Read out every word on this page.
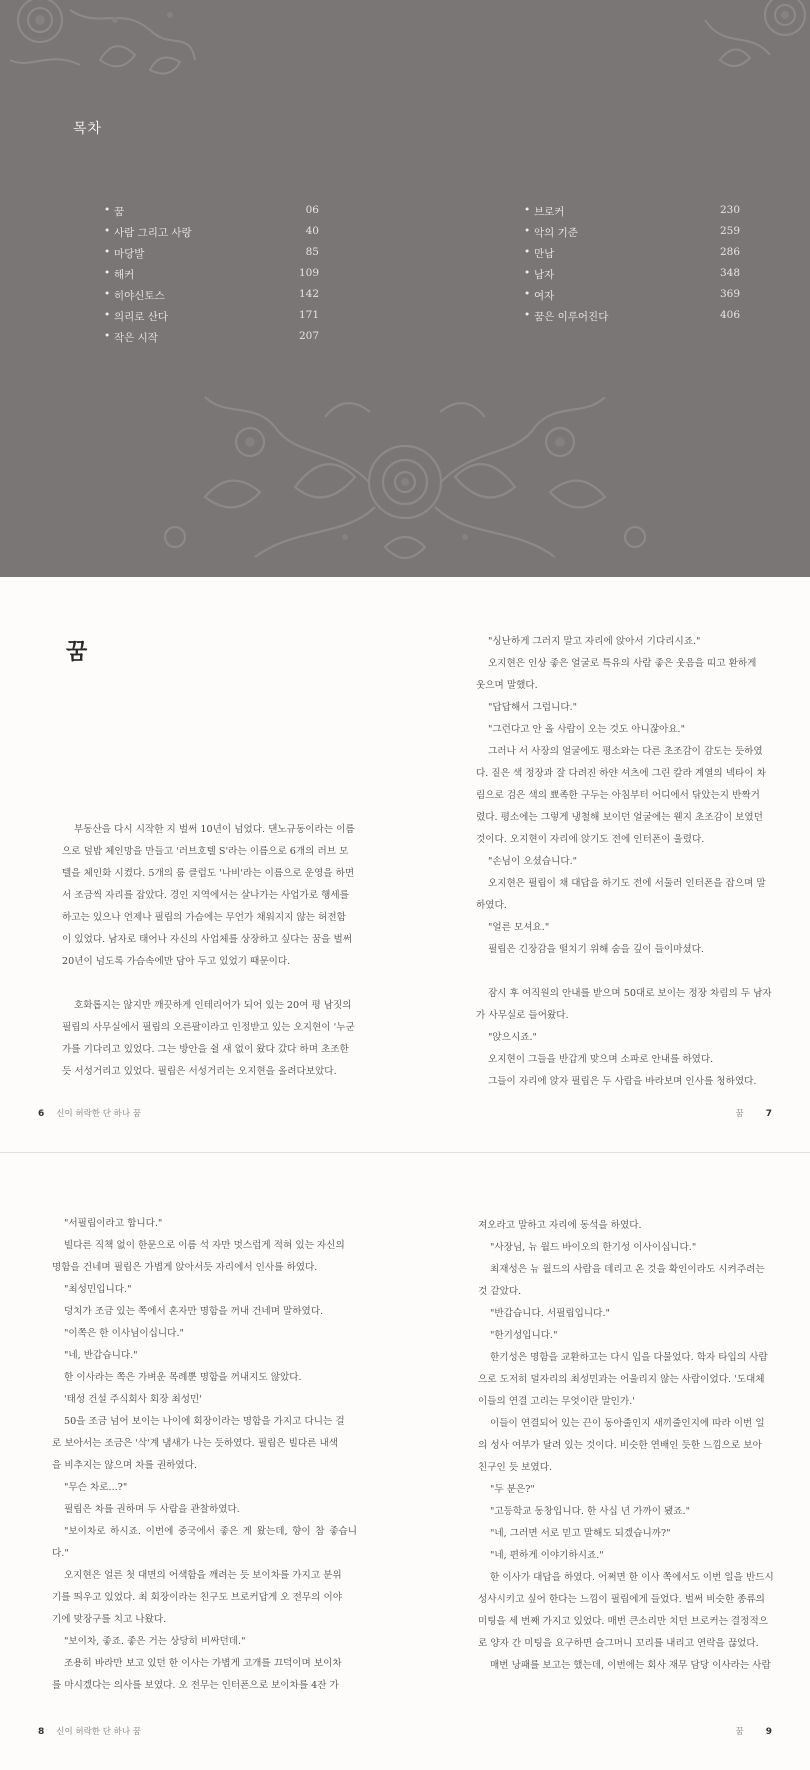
목차
• 꿈	06
• 사람 그리고 사랑	40
• 마당발	85
• 해커	109
• 히야신토스	142
• 의리로 산다	171
• 작은 시작	207
• 브로커	230
• 악의 기준	259
• 만남	286
• 남자	348
• 여자	369
• 꿈은 이루어진다	406
꿈

부동산을 다시 시작한 지 벌써 10년이 넘었다. 댄노규동이라는 이름
으로 덮밥 체인망을 만들고 '러브호텔 S'라는 이름으로 6개의 러브 모
텔을 체인화 시켰다. 5개의 룸 클럽도 '나비'라는 이름으로 운영을 하면
서 조금씩 자리를 잡았다. 경인 지역에서는 살나가는 사업가로 행세를
하고는 있으나 언제나 필립의 가슴에는 무언가 채워지지 않는 허전함
이 있었다. 남자로 태어나 자신의 사업체를 상장하고 싶다는 꿈을 벌써
20년이 넘도록 가슴속에만 담아 두고 있었기 때문이다.

호화롭지는 않지만 깨끗하게 인테리어가 되어 있는 20여 평 남짓의
필립의 사무실에서 필립의 오른팔이라고 인정받고 있는 오지현이 '누군
가를 기다리고 있었다. 그는 방안을 쉴 새 없이 왔다 갔다 하며 초조한
듯 서성거리고 있었다. 필립은 서성거리는 오지현을 올려다보았다.

"싱난하게 그러지 말고 자리에 앉아서 기다리시죠."

오지현은 인상 좋은 얼굴로 특유의 사람 좋은 웃음을 띠고 환하게
웃으며 말했다.

"답답해서 그럽니다."

"그런다고 안 올 사람이 오는 것도 아니잖아요."

그러나 서 사장의 얼굴에도 평소와는 다른 초조감이 감도는 듯하였
다. 짙은 색 정장과 잘 다려진 하얀 셔츠에 그린 칼라 계열의 넥타이 차
림으로 검은 색의 뾰족한 구두는 아침부터 어디에서 닦았는지 반짝거
렸다. 평소에는 그렇게 냉철해 보이던 얼굴에는 웬지 초조감이 보였던
것이다. 오지현이 자리에 앉기도 전에 인터폰이 울렸다.

"손님이 오셨습니다."

오지현은 필립이 채 대답을 하기도 전에 서둘러 인터폰을 잡으며 말
하였다.

"얼른 모셔요."

필립은 긴장감을 떨치기 위해 숨을 깊이 들이마셨다.

잠시 후 여직원의 안내를 받으며 50대로 보이는 정장 차림의 두 남자
가 사무실로 들어왔다.

"앉으시죠."

오지현이 그들을 반갑게 맞으며 소파로 안내를 하였다.

그들이 자리에 앉자 필립은 두 사람을 바라보며 인사를 청하였다.

6 신이 허락한 단 하나 꿈	꿈 7

"서필립이라고 합니다."

빌다른 직책 없이 한문으로 이름 석 자만 멋스럽게 적혀 있는 자신의
명함을 건네며 필립은 가볍게 앉아서듯 자리에서 인사를 하였다.

"최성민입니다."

덩치가 조금 있는 쪽에서 혼자만 명함을 꺼내 건네며 말하였다.

"이쪽은 한 이사님이십니다."

"네, 반갑습니다."

한 이사라는 쪽은 가벼운 목례뿐 명함을 꺼내지도 않았다.

'태성 건설 주식회사 회장 최성민'

50을 조금 넘어 보이는 나이에 회장이라는 명함을 가지고 다니는 걸
로 보아서는 조금은 '삭'계 냄새가 나는 듯하였다. 필립은 빌다른 내색
을 비추지는 않으며 차를 권하였다.

"무슨 차로...?"

필립은 차를 권하며 두 사람을 관찰하였다.

"보이차로 하시죠. 이번에 중국에서 좋은 게 왔는데, 향이 참 좋습니다."

오지현은 얼른 첫 대면의 어색함을 깨려는 듯 보이차를 가지고 분위
기를 띄우고 있었다. 최 회장이라는 친구도 브로커답게 오 전무의 이야
기에 맞장구를 치고 나왔다.

"보이차, 좋죠. 좋은 거는 상당히 비싸던데."

조용히 바라만 보고 있던 한 이사는 가볍게 고개를 끄덕이며 보이차
를 마시겠다는 의사를 보였다. 오 전무는 인터폰으로 보이차를 4잔 가

져오라고 말하고 자리에 동석을 하였다.

"사장님, 뉴 월드 바이오의 한기성 이사이십니다."

최재성은 뉴 월드의 사람을 데리고 온 것을 확인이라도 시켜주려는
것 같았다.

"반갑습니다. 서필립입니다."

"한기성입니다."

한기성은 명함을 교환하고는 다시 입을 다물었다. 학자 타입의 사람
으로 도저히 덜자리의 최성민과는 어울리지 않는 사람이었다. '도대체
이들의 연결 고리는 무엇이란 말인가.'

이들이 연결되어 있는 끈이 동아줄인지 새끼줄인지에 따라 이번 일
의 성사 여부가 달려 있는 것이다. 비슷한 연배인 듯한 느낌으로 보아
친구인 듯 보였다.

"두 분은?"

"고등학교 동창입니다. 한 사십 년 가까이 됐죠."

"네, 그러면 서로 믿고 말해도 되겠습니까?"

"네, 편하게 이야기하시죠."

한 이사가 대답을 하였다. 어쩌면 한 이사 쪽에서도 이번 일을 반드시
성사시키고 싶어 한다는 느낌이 필립에게 들었다. 벌써 비슷한 종류의
미팅을 세 번째 가지고 있었다. 매번 큰소리만 치던 브로커는 결정적으
로 양자 간 미팅을 요구하면 슬그머니 꼬리를 내리고 연락을 끊었다.

매번 낭패를 보고는 했는데, 이번에는 회사 재무 담당 이사라는 사람

8 신이 허락한 단 하나 꿈	꿈 9
